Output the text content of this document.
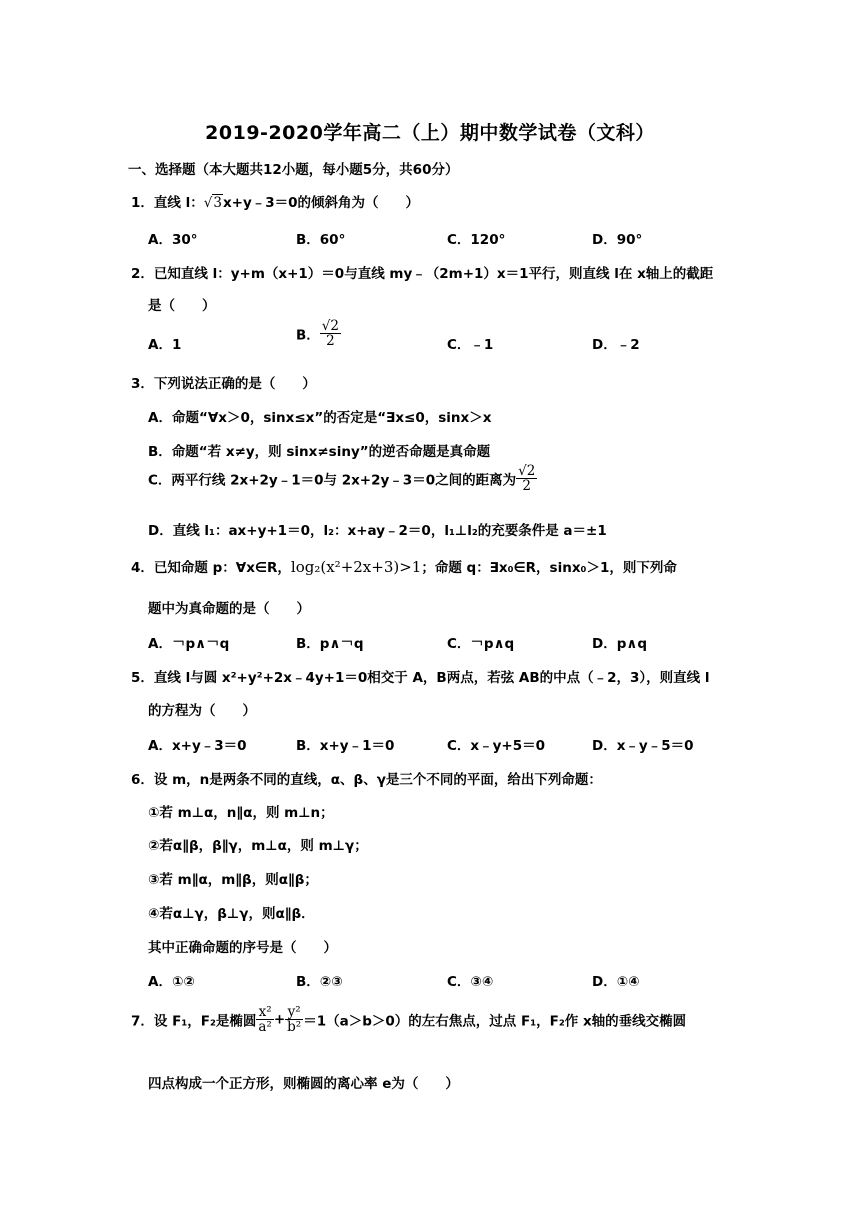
2019-2020学年高二（上）期中数学试卷（文科）
一、选择题（本大题共12小题，每小题5分，共60分）
1．直线 l：√3x+y﹣3＝0的倾斜角为（　　）
A．30°	B．60°	C．120°	D．90°
2．已知直线 l：y+m（x+1）＝0与直线 my﹣（2m+1）x＝1平行，则直线 l在 x轴上的截距
是（　　）
A．1
B． $\frac{√2}{2}$	C．﹣1	D．﹣2
3．下列说法正确的是（　　）
A．命题“∀x＞0，sinx≤x”的否定是“∃x≤0，sinx＞x
B．命题“若 x≠y，则 sinx≠siny”的逆否命题是真命题
C．两平行线 2x+2y﹣1＝0与 2x+2y﹣3＝0之间的距离为 $\frac{√2}{2}$
D．直线 l₁：ax+y+1＝0，l₂：x+ay﹣2＝0，l₁⊥l₂的充要条件是 a＝±1
4．已知命题 p：∀x∈R，log₂(x²+2x+3)>1；命题 q：∃x₀∈R，sinx₀＞1，则下列命
题中为真命题的是（　　）
A．￢p∧￢q	B．p∧￢q	C．￢p∧q	D．p∧q
5．直线 l与圆 x²+y²+2x﹣4y+1＝0相交于 A，B两点，若弦 AB的中点（﹣2，3），则直线 l
的方程为（　　）
A．x+y﹣3＝0	B．x+y﹣1＝0	C．x﹣y+5＝0	D．x﹣y﹣5＝0
6．设 m，n是两条不同的直线，α、β、γ是三个不同的平面，给出下列命题：
①若 m⊥α，n∥α，则 m⊥n；
②若α∥β，β∥γ，m⊥α，则 m⊥γ；
③若 m∥α，m∥β，则α∥β；
④若α⊥γ，β⊥γ，则α∥β．
其中正确命题的序号是（　　）
A．①②	B．②③	C．③④	D．①④
7．设 F₁，F₂是椭圆 $\frac{\text{x²}}{\text{a²}} + \frac{\text{y²}}{\text{b²}} =1(a>b>0)$的左右焦点，过点 F₁，F₂作 x轴的垂线交椭圆
四点构成一个正方形，则椭圆的离心率 e为（　　）
